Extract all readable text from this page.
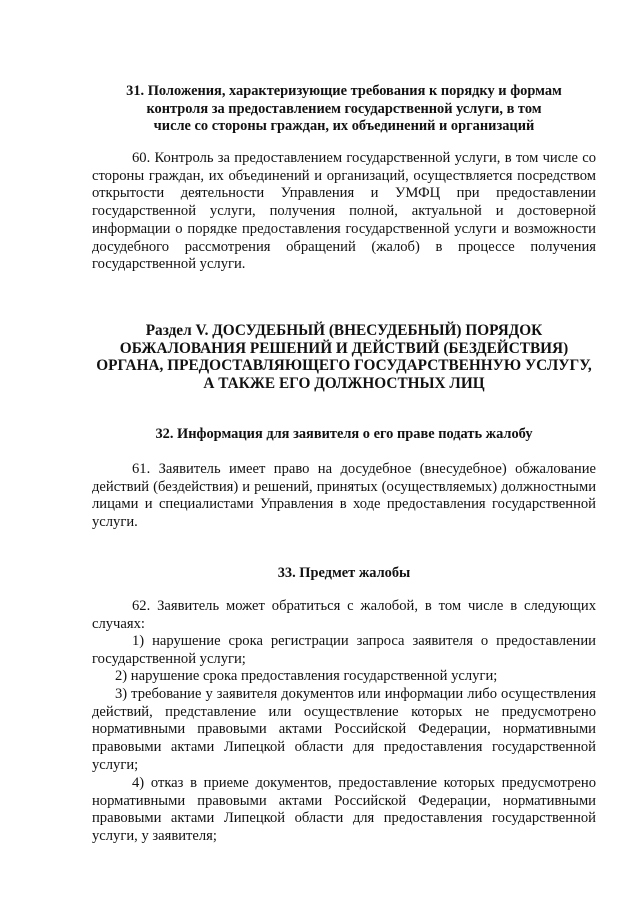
31. Положения, характеризующие требования к порядку и формам
контроля за предоставлением государственной услуги, в том
числе со стороны граждан, их объединений и организаций
60. Контроль за предоставлением государственной услуги, в том числе со стороны граждан, их объединений и организаций, осуществляется посредством открытости деятельности Управления и УМФЦ при предоставлении государственной услуги, получения полной, актуальной и достоверной информации о порядке предоставления государственной услуги и возможности досудебного рассмотрения обращений (жалоб) в процессе получения государственной услуги.
Раздел V. ДОСУДЕБНЫЙ (ВНЕСУДЕБНЫЙ) ПОРЯДОК
ОБЖАЛОВАНИЯ РЕШЕНИЙ И ДЕЙСТВИЙ (БЕЗДЕЙСТВИЯ)
ОРГАНА, ПРЕДОСТАВЛЯЮЩЕГО ГОСУДАРСТВЕННУЮ УСЛУГУ,
А ТАКЖЕ ЕГО ДОЛЖНОСТНЫХ ЛИЦ
32. Информация для заявителя о его праве подать жалобу
61. Заявитель имеет право на досудебное (внесудебное) обжалование действий (бездействия) и решений, принятых (осуществляемых) должностными лицами и специалистами Управления в ходе предоставления государственной услуги.
33. Предмет жалобы
62. Заявитель может обратиться с жалобой, в том числе в следующих случаях:
1) нарушение срока регистрации запроса заявителя о предоставлении государственной услуги;
2) нарушение срока предоставления государственной услуги;
3) требование у заявителя документов или информации либо осуществления действий, представление или осуществление которых не предусмотрено нормативными правовыми актами Российской Федерации, нормативными правовыми актами Липецкой области для предоставления государственной услуги;
4) отказ в приеме документов, предоставление которых предусмотрено нормативными правовыми актами Российской Федерации, нормативными правовыми актами Липецкой области для предоставления государственной услуги, у заявителя;
